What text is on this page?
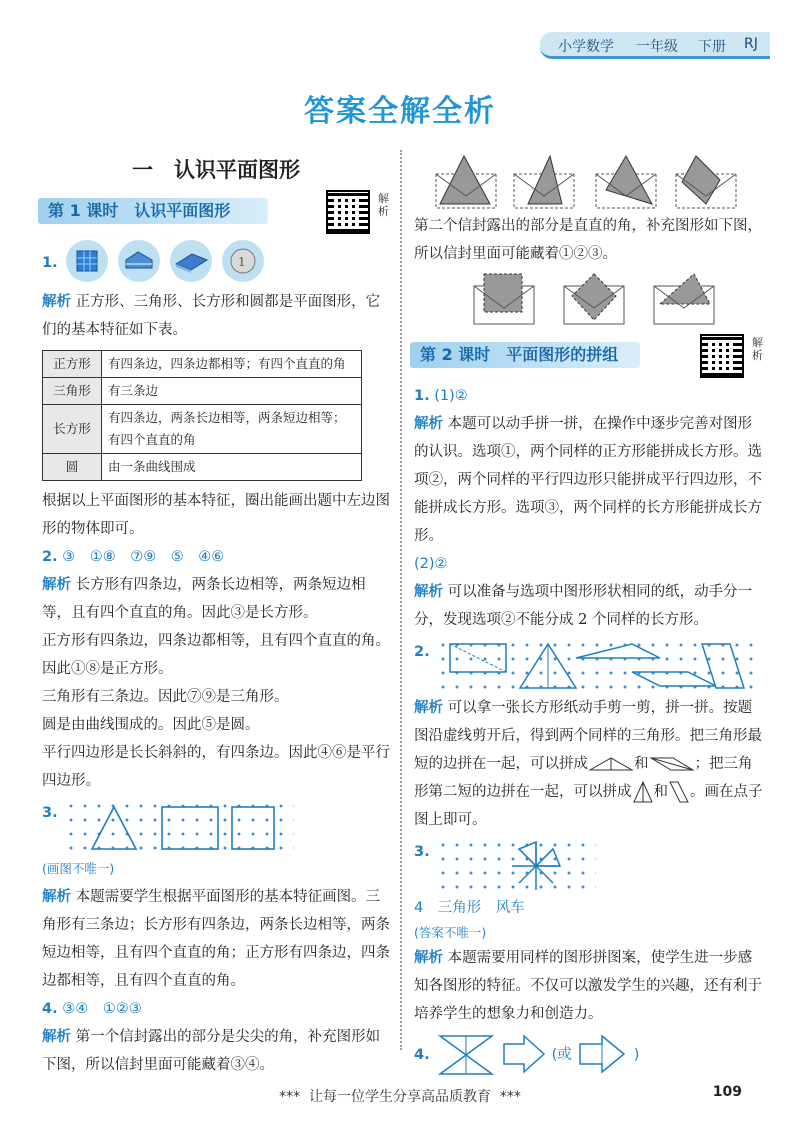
小学数学 一年级 下册 RJ
答案全解全析
一　认识平面图形
第 1 课时　认识平面图形
解析
1.	1

解析 正方形、三角形、长方形和圆都是平面图形，它们的基本特征如下表。

正方形	有四条边，四条边都相等；有四个直直的角
三角形	有三条边
长方形	有四条边，两条长边相等，两条短边相等；有四个直直的角
圆	由一条曲线围成

根据以上平面图形的基本特征，圈出能画出题中左边图形的物体即可。

2. ③　①⑧　⑦⑨　⑤　④⑥

解析 长方形有四条边，两条长边相等，两条短边相等，且有四个直直的角。因此③是长方形。

正方形有四条边，四条边都相等，且有四个直直的角。因此①⑧是正方形。

三角形有三条边。因此⑦⑨是三角形。

圆是由曲线围成的。因此⑤是圆。

平行四边形是长长斜斜的，有四条边。因此④⑥是平行四边形。

3.

(画图不唯一)

解析 本题需要学生根据平面图形的基本特征画图。三角形有三条边；长方形有四条边，两条长边相等，两条短边相等，且有四个直直的角；正方形有四条边，四条边都相等，且有四个直直的角。

4. ③④　①②③

解析 第一个信封露出的部分是尖尖的角，补充图形如下图，所以信封里面可能藏着③④。

第二个信封露出的部分是直直的角，补充图形如下图，所以信封里面可能藏着①②③。

第 2 课时　平面图形的拼组
解析

1. (1)②

解析 本题可以动手拼一拼，在操作中逐步完善对图形的认识。选项①，两个同样的正方形能拼成长方形。选项②，两个同样的平行四边形只能拼成平行四边形，不能拼成长方形。选项③，两个同样的长方形能拼成长方形。

(2)②

解析 可以准备与选项中图形形状相同的纸，动手分一分，发现选项②不能分成 2 个同样的长方形。

2.

解析 可以拿一张长方形纸动手剪一剪，拼一拼。按题图沿虚线剪开后，得到两个同样的三角形。把三角形最短的边拼在一起，可以拼成	和	；把三角形第二短的边拼在一起，可以拼成 和 。画在点子图上即可。

3.

4　三角形　风车

(答案不唯一)

解析 本题需要用同样的图形拼图案，使学生进一步感知各图形的特征。不仅可以激发学生的兴趣，还有利于培养学生的想象力和创造力。

4.	(或	)
*** 让每一位学生分享高品质教育 ***	109
